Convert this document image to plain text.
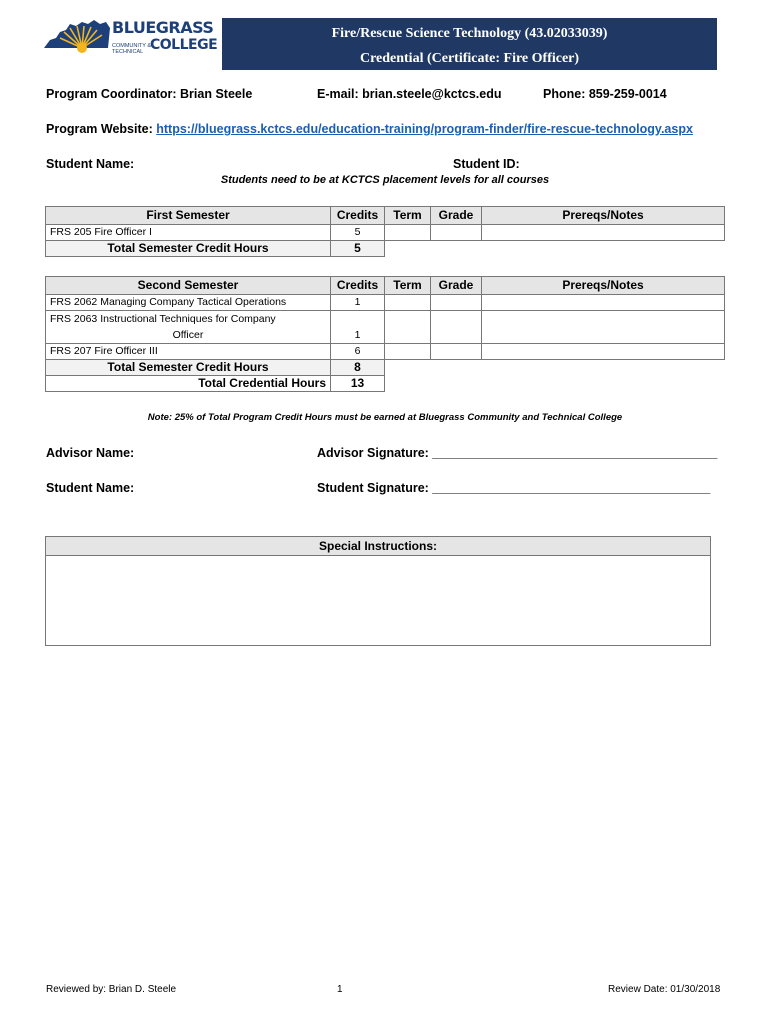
BLUEGRASS
COMMUNITY & TECHNICAL COLLEGE
Fire/Rescue Science Technology (43.02033039)
Credential (Certificate: Fire Officer)
Program Coordinator: Brian Steele	E-mail: brian.steele@kctcs.edu	Phone: 859-259-0014
Program Website: https://bluegrass.kctcs.edu/education-training/program-finder/fire-rescue-technology.aspx
Student Name:	Student ID:
Students need to be at KCTCS placement levels for all courses
First Semester	Credits	Term	Grade	Prereqs/Notes
FRS 205 Fire Officer I	5			
Total Semester Credit Hours	5			
Second Semester	Credits	Term	Grade	Prereqs/Notes
FRS 2062 Managing Company Tactical Operations	1			

FRS 2063 Instructional Techniques for Company
Officer	1			
FRS 207 Fire Officer III	6			
Total Semester Credit Hours	8			
Total Credential Hours	13			
Note: 25% of Total Program Credit Hours must be earned at Bluegrass Community and Technical College
Advisor Name:	Advisor Signature: _________________________________________
Student Name:	Student Signature: ________________________________________
Special Instructions:
Reviewed by: Brian D. Steele	1	Review Date: 01/30/2018
